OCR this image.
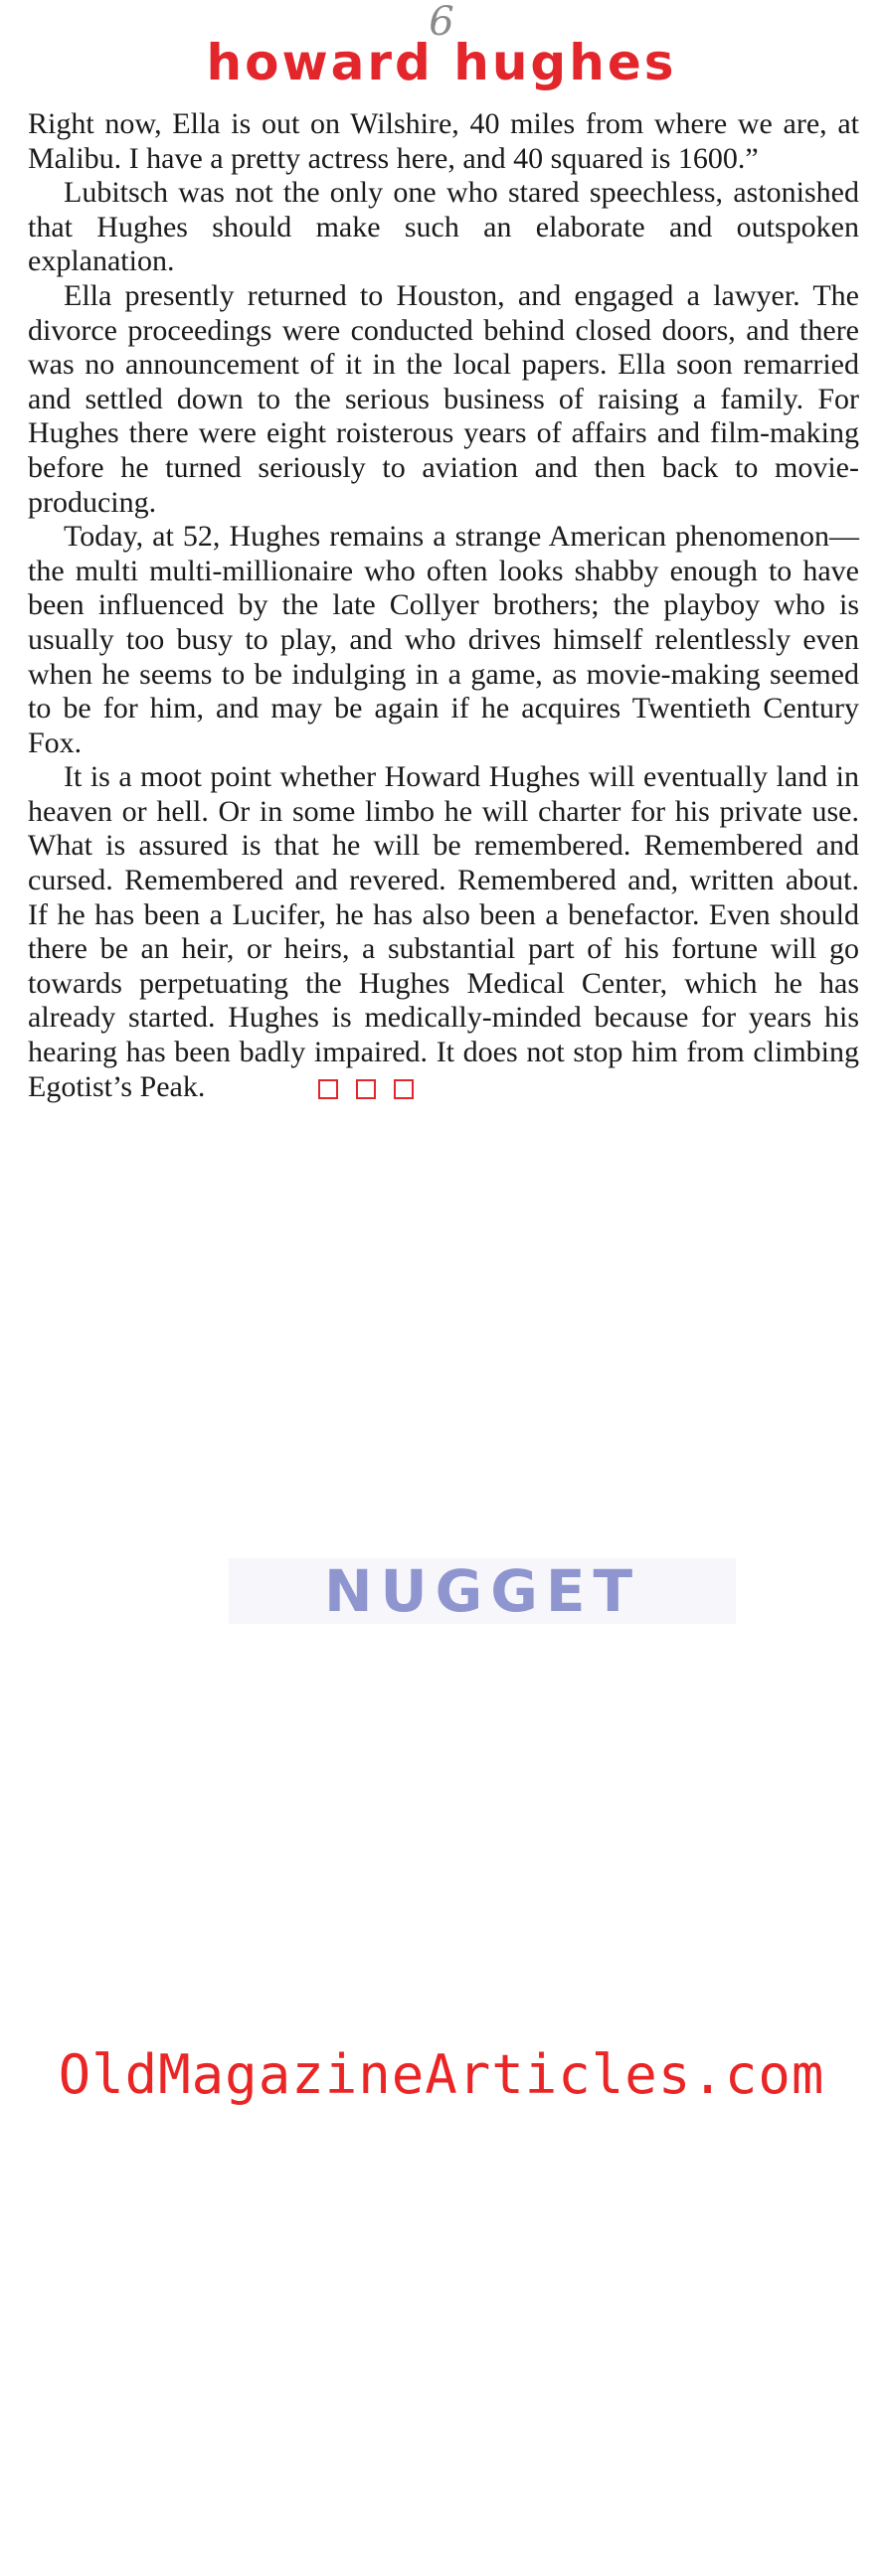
6
howard hughes

Right now, Ella is out on Wilshire, 40 miles from where we are, at Malibu. I have a pretty actress here, and 40 squared is 1600.”

Lubitsch was not the only one who stared speechless, astonished that Hughes should make such an elaborate and outspoken explanation.

Ella presently returned to Houston, and engaged a lawyer. The divorce proceedings were conducted behind closed doors, and there was no announcement of it in the local papers. Ella soon remarried and settled down to the serious business of raising a family. For Hughes there were eight roisterous years of affairs and film-making before he turned seriously to aviation and then back to movie-producing.

Today, at 52, Hughes remains a strange American phenomenon—the multi multi-millionaire who often looks shabby enough to have been influenced by the late Collyer brothers; the playboy who is usually too busy to play, and who drives himself relentlessly even when he seems to be indulging in a game, as movie-making seemed to be for him, and may be again if he acquires Twentieth Century Fox.

It is a moot point whether Howard Hughes will eventually land in heaven or hell. Or in some limbo he will charter for his private use. What is assured is that he will be remembered. Remembered and cursed. Remembered and revered. Remembered and, written about. If he has been a Lucifer, he has also been a benefactor. Even should there be an heir, or heirs, a substantial part of his fortune will go towards perpetuating the Hughes Medical Center, which he has already started. Hughes is medically-minded because for years his hearing has been badly impaired. It does not stop him from climbing Egotist’s Peak.

NUGGET
OldMagazineArticles.com
